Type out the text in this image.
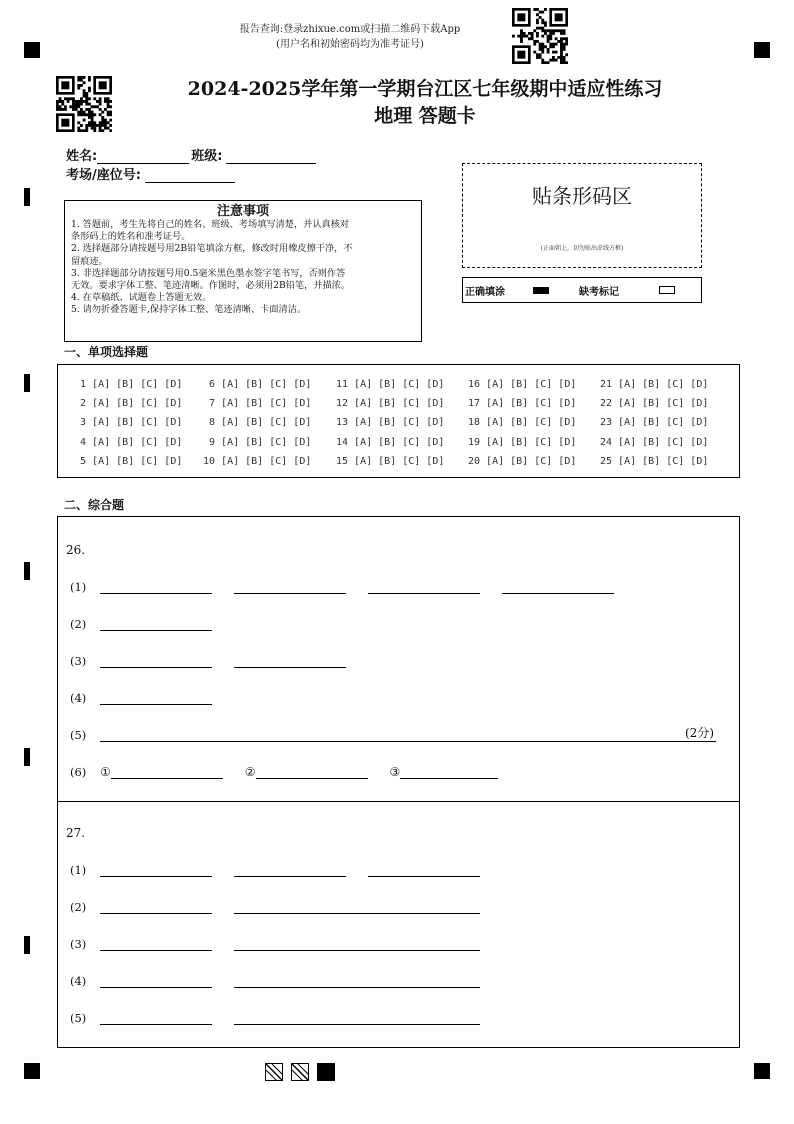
报告查询:登录zhixue.com或扫描二维码下载App
(用户名和初始密码均为准考证号)
2024-2025学年第一学期台江区七年级期中适应性练习
地理 答题卡
姓名:	班级:
考场/座位号:
贴条形码区
(正面朝上，切勿贴出虚线方框)
正确填涂	缺考标记
注意事项
1. 答题前，考生先将自己的姓名、班级、考场填写清楚，并认真核对
条形码上的姓名和准考证号。
2. 选择题部分请按题号用2B铅笔填涂方框，修改时用橡皮擦干净，不
留痕迹。
3. 非选择题部分请按题号用0.5毫米黑色墨水签字笔书写，否则作答
无效。要求字体工整、笔迹清晰。作图时，必须用2B铅笔，并描浓。
4. 在草稿纸、试题卷上答题无效。
5. 请勿折叠答题卡,保持字体工整、笔迹清晰、卡面清洁。
一、单项选择题
1 [A] [B] [C] [D]
2 [A] [B] [C] [D]
3 [A] [B] [C] [D]
4 [A] [B] [C] [D]
5 [A] [B] [C] [D]
6 [A] [B] [C] [D]
7 [A] [B] [C] [D]
8 [A] [B] [C] [D]
9 [A] [B] [C] [D]
10 [A] [B] [C] [D]
11 [A] [B] [C] [D]
12 [A] [B] [C] [D]
13 [A] [B] [C] [D]
14 [A] [B] [C] [D]
15 [A] [B] [C] [D]
16 [A] [B] [C] [D]
17 [A] [B] [C] [D]
18 [A] [B] [C] [D]
19 [A] [B] [C] [D]
20 [A] [B] [C] [D]
21 [A] [B] [C] [D]
22 [A] [B] [C] [D]
23 [A] [B] [C] [D]
24 [A] [B] [C] [D]
25 [A] [B] [C] [D]
二、综合题
26.
(1)
(2)
(3)
(4)
(5)	(2分)
(6)	①	②	③
27.
(1)
(2)
(3)
(4)
(5)
